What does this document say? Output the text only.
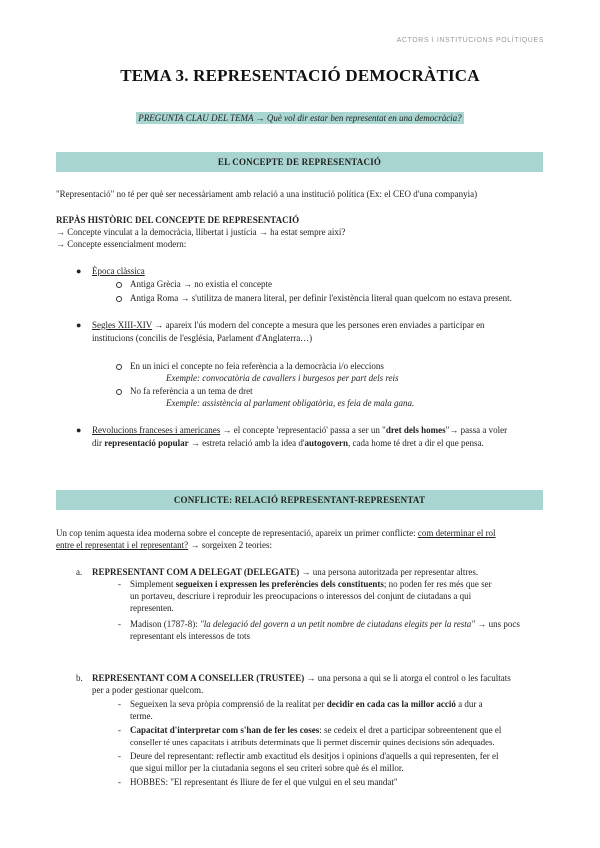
ACTORS I INSTITUCIONS POLÍTIQUES
TEMA 3. REPRESENTACIÓ DEMOCRÀTICA
PREGUNTA CLAU DEL TEMA → Què vol dir estar ben representat en una democràcia?
EL CONCEPTE DE REPRESENTACIÓ
"Representació" no té per què ser necessàriament amb relació a una institució política (Ex: el CEO d'una companyia)
REPÀS HISTÒRIC DEL CONCEPTE DE REPRESENTACIÓ
→ Concepte vinculat a la democràcia, llibertat i justícia → ha estat sempre així?
→ Concepte essencialment modern:
● Època clàssica
Antiga Grècia → no existia el concepte
Antiga Roma → s'utilitza de manera literal, per definir l'existència literal quan quelcom no estava present.
● Segles XIII-XIV → apareix l'ús modern del concepte a mesura que les persones eren enviades a participar en
institucions (concilis de l'església, Parlament d'Anglaterra…)
En un inici el concepte no feia referència a la democràcia i/o eleccions
Exemple: convocatòria de cavallers i burgesos per part dels reis
No fa referència a un tema de dret
Exemple: assistència al parlament obligatòria, es feia de mala gana.
● Revolucions franceses i americanes → el concepte 'representació' passa a ser un "dret dels homes"→ passa a voler
dir representació popular → estreta relació amb la idea d'autogovern, cada home té dret a dir el que pensa.
CONFLICTE: RELACIÓ REPRESENTANT-REPRESENTAT
Un cop tenim aquesta idea moderna sobre el concepte de representació, apareix un primer conflicte: com determinar el rol
entre el representat i el representant? → sorgeixen 2 teories:
a. REPRESENTANT COM A DELEGAT (DELEGATE) → una persona autoritzada per representar altres.
- Simplement segueixen i expressen les preferències dels constituents; no poden fer res més que ser
un portaveu, descriure i reproduir les preocupacions o interessos del conjunt de ciutadans a qui
representen.
- Madison (1787-8): "la delegació del govern a un petit nombre de ciutadans elegits per la resta" → uns pocs
representant els interessos de tots
b. REPRESENTANT COM A CONSELLER (TRUSTEE) → una persona a qui se li atorga el control o les facultats
per a poder gestionar quelcom.
- Segueixen la seva pròpia comprensió de la realitat per decidir en cada cas la millor acció a dur a
terme.
- Capacitat d'interpretar com s'han de fer les coses: se cedeix el dret a participar sobreentenent que el
conseller té unes capacitats i atributs determinats que li permet discernir quines decisions són adequades.
- Deure del representant: reflectir amb exactitud els desitjos i opinions d'aquells a qui representen, fer el
que sigui millor per la ciutadania segons el seu criteri sobre què és el millor.
- HOBBES: "El representant és lliure de fer el que vulgui en el seu mandat"
